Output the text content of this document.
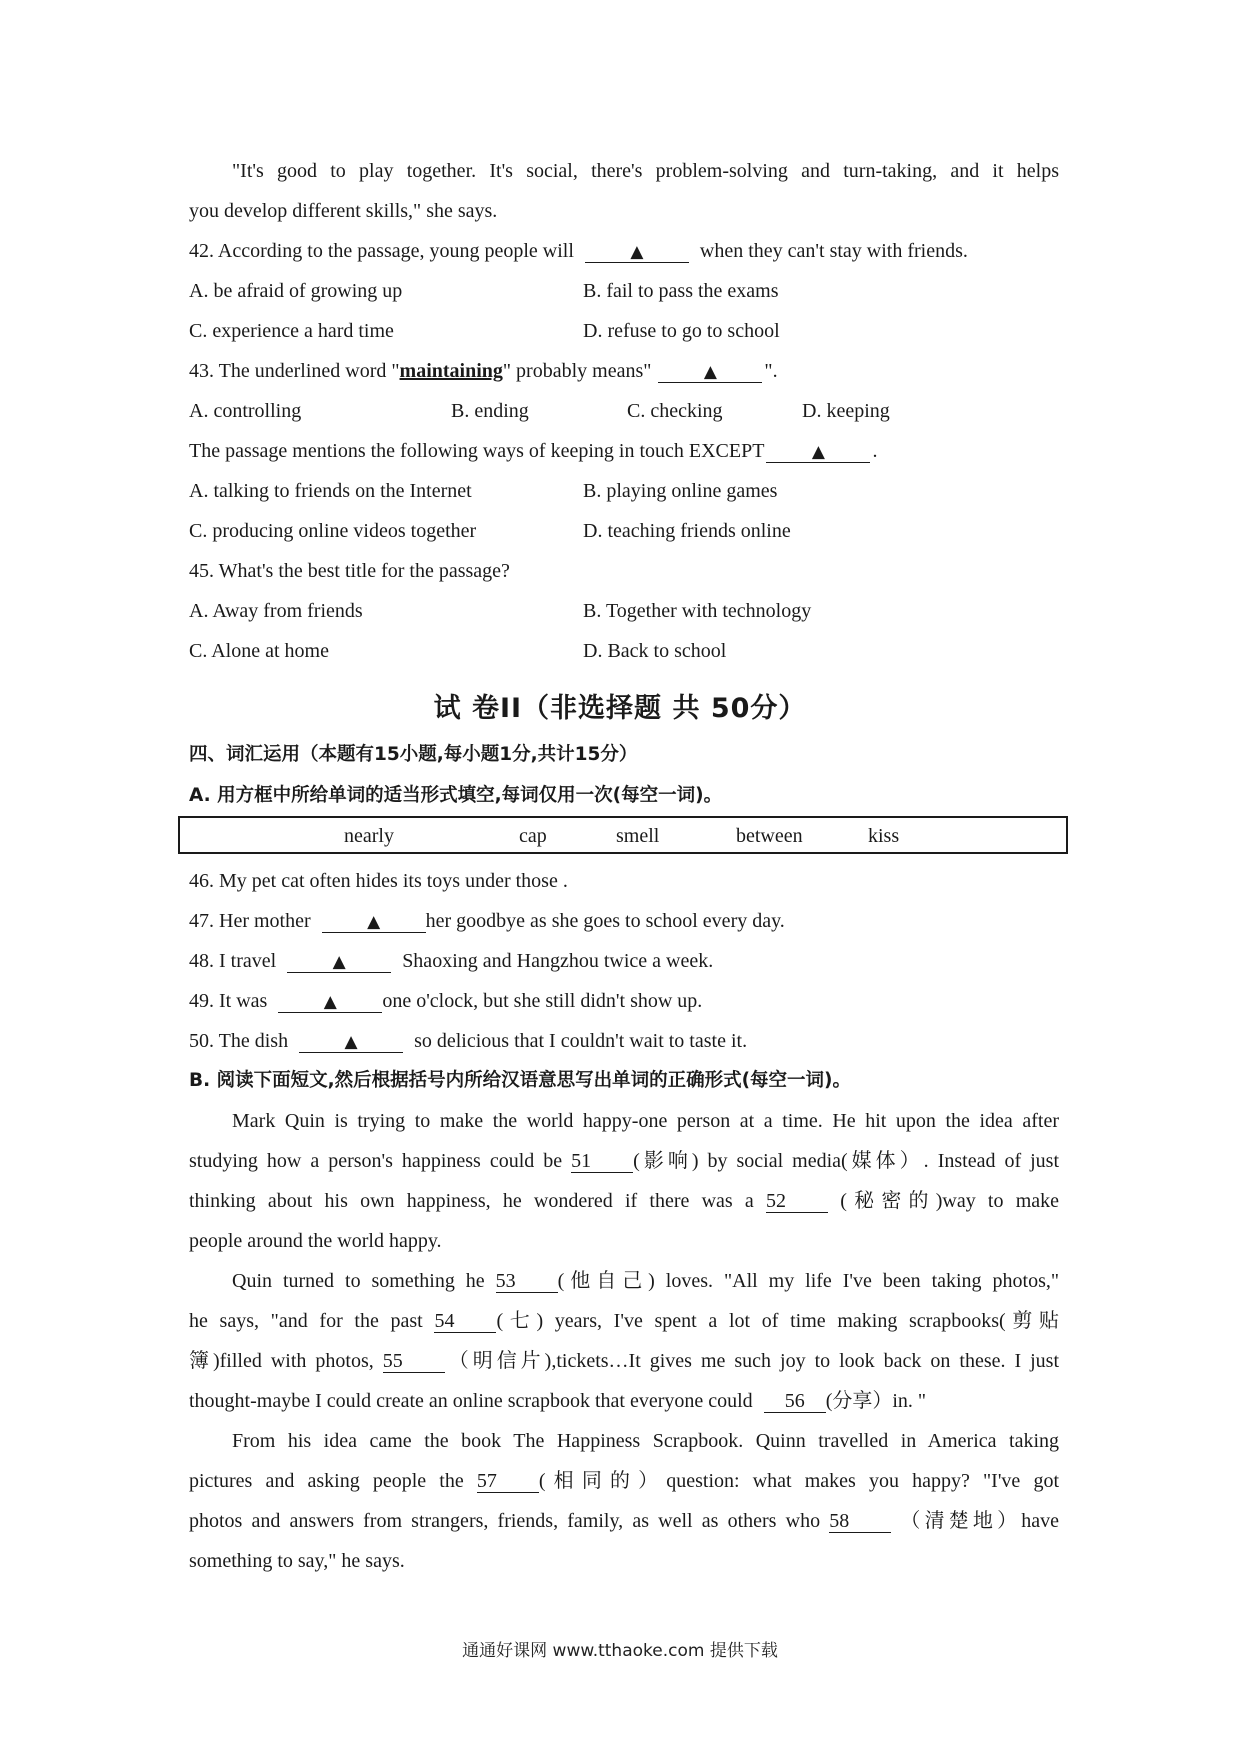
"It's good to play together. It's social, there's problem-solving and turn-taking, and it helps
you develop different skills," she says.
42. According to the passage, young people will	▲	when they can't stay with friends.
A. be afraid of growing up	B. fail to pass the exams
C. experience a hard time	D. refuse to go to school
43. The underlined word "maintaining" probably means"	▲ ".
A. controlling	B. ending	C. checking	D. keeping
The passage mentions the following ways of keeping in touch EXCEPT	▲ .
A. talking to friends on the Internet	B. playing online games
C. producing online videos together	D. teaching friends online
45. What's the best title for the passage?
A. Away from friends	B. Together with technology
C. Alone at home	D. Back to school
试 卷II（非选择题 共 50分）
四、词汇运用（本题有15小题,每小题1分,共计15分）
A. 用方框中所给单词的适当形式填空,每词仅用一次(每空一词)。
nearly	cap	smell	between	kiss
46. My pet cat often hides its toys under those .
47. Her mother	▲ her goodbye as she goes to school every day.
48. I travel	▲	Shaoxing and Hangzhou twice a week.
49. It was	▲ one o'clock, but she still didn't show up.
50. The dish	▲	so delicious that I couldn't wait to taste it.
B. 阅读下面短文,然后根据括号内所给汉语意思写出单词的正确形式(每空一词)。
Mark Quin is trying to make the world happy-one person at a time. He hit upon the idea after
studying how a person's happiness could be 51 (影响) by social media(媒体）. Instead of just
thinking about his own happiness, he wondered if there was a 52	(秘密的)way to make
people around the world happy.
Quin turned to something he 53 (他自己) loves. "All my life I've been taking photos,"
he says, "and for the past 54 (七) years, I've spent a lot of time making scrapbooks(剪贴
簿)filled with photos, 55 （明信片),tickets…It gives me such joy to look back on these. I just
thought-maybe I could create an online scrapbook that everyone could 56 (分享）in. "
From his idea came the book The Happiness Scrapbook. Quinn travelled in America taking
pictures and asking people the 57 (相同的）question: what makes you happy? "I've got
photos and answers from strangers, friends, family, as well as others who 58	（清楚地）have
something to say," he says.
通通好课网 www.tthaoke.com 提供下载
